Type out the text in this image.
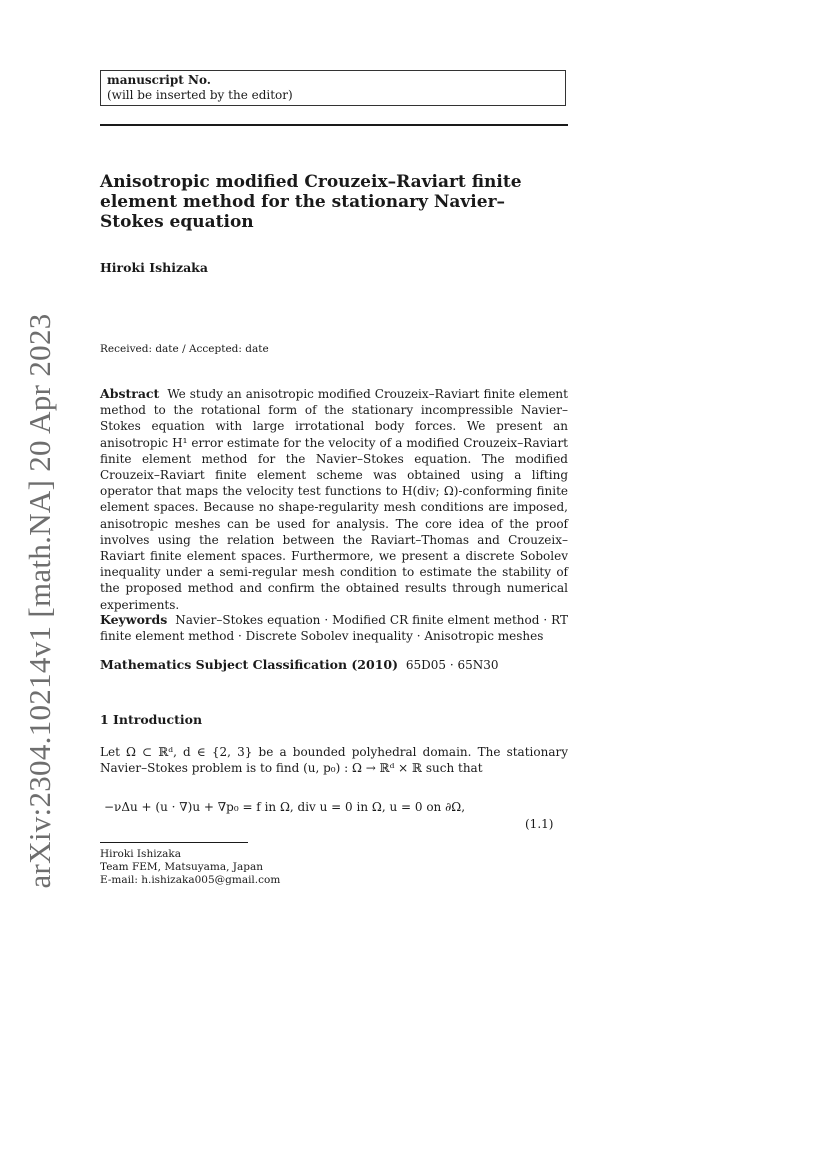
arXiv:2304.10214v1 [math.NA] 20 Apr 2023
manuscript No.
(will be inserted by the editor)
Anisotropic modified Crouzeix–Raviart finite element method for the stationary Navier–Stokes equation
Hiroki Ishizaka
Received: date / Accepted: date
Abstract We study an anisotropic modified Crouzeix–Raviart finite element method to the rotational form of the stationary incompressible Navier–Stokes equation with large irrotational body forces. We present an anisotropic H¹ error estimate for the velocity of a modified Crouzeix–Raviart finite element method for the Navier–Stokes equation. The modified Crouzeix–Raviart finite element scheme was obtained using a lifting operator that maps the velocity test functions to H(div; Ω)-conforming finite element spaces. Because no shape-regularity mesh conditions are imposed, anisotropic meshes can be used for analysis. The core idea of the proof involves using the relation between the Raviart–Thomas and Crouzeix–Raviart finite element spaces. Furthermore, we present a discrete Sobolev inequality under a semi-regular mesh condition to estimate the stability of the proposed method and confirm the obtained results through numerical experiments.
Keywords Navier–Stokes equation · Modified CR finite elment method · RT finite element method · Discrete Sobolev inequality · Anisotropic meshes
Mathematics Subject Classification (2010) 65D05 · 65N30
1 Introduction
Let Ω ⊂ ℝᵈ, d ∈ {2, 3} be a bounded polyhedral domain. The stationary Navier–Stokes problem is to find (u, p₀) : Ω → ℝᵈ × ℝ such that
−νΔu + (u · ∇)u + ∇p₀ = f in Ω, div u = 0 in Ω, u = 0 on ∂Ω,
(1.1)
Hiroki Ishizaka
Team FEM, Matsuyama, Japan
E-mail: h.ishizaka005@gmail.com
